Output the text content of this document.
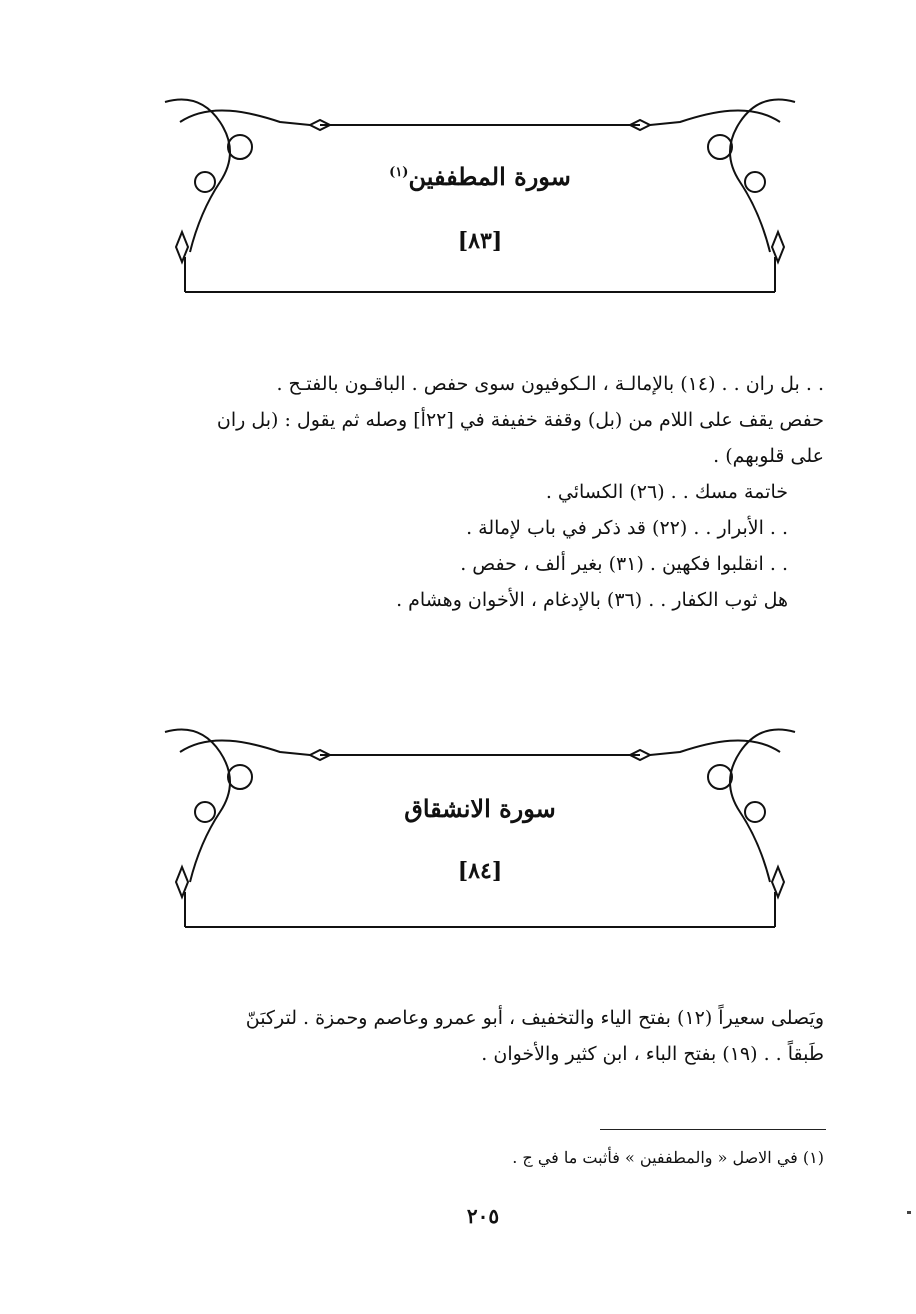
سورة المطففين$^{(١)}$
[٨٣]

. . بل ران . . (١٤) بالإمالـة ، الـكوفيون سوى حفص . الباقـون بالفتـح .

حفص يقف على اللام من (بل) وقفة خفيفة في [٢٢أ] وصله ثم يقول : (بل ران

على قلوبهم) .

خاتمة مسك . . (٢٦) الكسائي .

. . الأبرار . . (٢٢) قد ذكر في باب لإمالة .

. . انقلبوا فكهين . (٣١) بغير ألف ، حفص .

هل ثوب الكفار . . (٣٦) بالإدغام ، الأخوان وهشام .

سورة الانشقاق
[٨٤]

ويَصلى سعيراً (١٢) بفتح الياء والتخفيف ، أبو عمرو وعاصم وحمزة . لتركبَنّ

طَبقاً . . (١٩) بفتح الباء ، ابن كثير والأخوان .

(١) في الاصل « والمطففين » فأثبت ما في ج .
٢٠٥
